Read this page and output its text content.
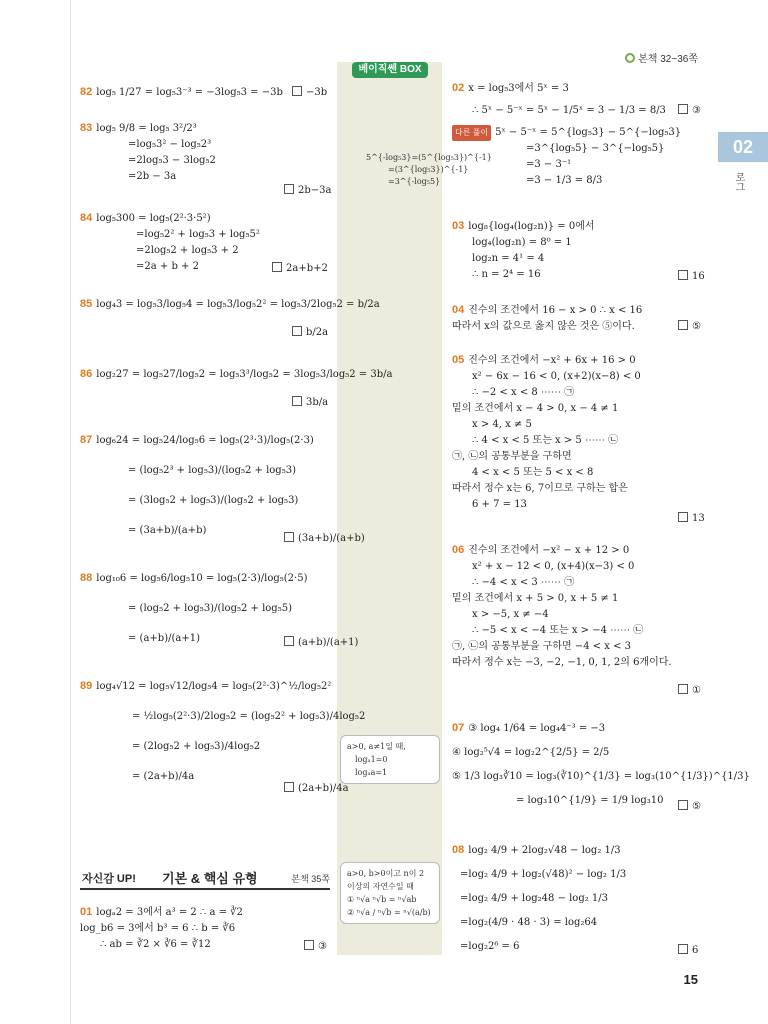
본책 32~36쪽
02
로그
베이직쎈 BOX
5^{-log₅3}=(5^{log₅3})^{-1}
=(3^{log₅3})^{-1}
=3^{-log₅5}
a>0, a≠1일 때,
logₐ1=0
logₐa=1
a>0, b>0이고 n이 2
이상의 자연수일 때
① ⁿ√a ⁿ√b = ⁿ√ab
② ⁿ√a / ⁿ√b = ⁿ√(a/b)
82 log₅ 1/27 = log₅3⁻³ = −3log₅3 = −3b	−3b
83 log₅ 9/8 = log₅ 3²/2³
=log₅3² − log₅2³
=2log₅3 − 3log₅2
=2b − 3a
2b−3a
84 log₅300 = log₅(2²·3·5²)
=log₅2² + log₅3 + log₅5²
=2log₅2 + log₅3 + 2
=2a + b + 2	2a+b+2
85 log₄3 = log₅3/log₅4 = log₅3/log₅2² = log₅3/2log₅2 = b/2a
b/2a
86 log₂27 = log₅27/log₅2 = log₅3³/log₅2 = 3log₅3/log₅2 = 3b/a
3b/a
87 log₆24 = log₅24/log₅6 = log₅(2³·3)/log₅(2·3)
= (log₅2³ + log₅3)/(log₅2 + log₅3)
= (3log₅2 + log₅3)/(log₅2 + log₅3)
= (3a+b)/(a+b)
(3a+b)/(a+b)
88 log₁₀6 = log₅6/log₅10 = log₅(2·3)/log₅(2·5)
= (log₅2 + log₅3)/(log₅2 + log₅5)
= (a+b)/(a+1)	(a+b)/(a+1)
89 log₄√12 = log₅√12/log₅4 = log₅(2²·3)^½/log₅2²
= ½log₅(2²·3)/2log₅2 = (log₅2² + log₅3)/4log₅2
= (2log₅2 + log₅3)/4log₅2
= (2a+b)/4a
(2a+b)/4a
자신감 UP! 기본 & 핵심 유형	본책 35쪽
01 logₐ2 = 3에서 a³ = 2 ∴ a = ∛2
log_b6 = 3에서 b³ = 6 ∴ b = ∛6
∴ ab = ∛2 × ∛6 = ∛12	③
02 x = log₅3에서 5ˣ = 3
∴ 5ˣ − 5⁻ˣ = 5ˣ − 1/5ˣ = 3 − 1/3 = 8/3
다른 풀이 5ˣ − 5⁻ˣ = 5^{log₅3} − 5^{−log₅3}
=3^{log₅5} − 3^{−log₅5}
=3 − 3⁻¹
=3 − 1/3 = 8/3
③
03 log₈{log₄(log₂n)} = 0에서
log₄(log₂n) = 8⁰ = 1
log₂n = 4¹ = 4
∴ n = 2⁴ = 16	16
04 진수의 조건에서 16 − x > 0 ∴ x < 16
따라서 x의 값으로 옳지 않은 것은 ⑤이다.	⑤
05 진수의 조건에서 −x² + 6x + 16 > 0
x² − 6x − 16 < 0, (x+2)(x−8) < 0
∴ −2 < x < 8 ⋯⋯ ㉠
밑의 조건에서 x − 4 > 0, x − 4 ≠ 1
x > 4, x ≠ 5
∴ 4 < x < 5 또는 x > 5 ⋯⋯ ㉡
㉠, ㉡의 공통부분을 구하면
4 < x < 5 또는 5 < x < 8
따라서 정수 x는 6, 7이므로 구하는 합은
6 + 7 = 13
13
06 진수의 조건에서 −x² − x + 12 > 0
x² + x − 12 < 0, (x+4)(x−3) < 0
∴ −4 < x < 3 ⋯⋯ ㉠
밑의 조건에서 x + 5 > 0, x + 5 ≠ 1
x > −5, x ≠ −4
∴ −5 < x < −4 또는 x > −4 ⋯⋯ ㉡
㉠, ㉡의 공통부분을 구하면 −4 < x < 3
따라서 정수 x는 −3, −2, −1, 0, 1, 2의 6개이다.
①
07 ③ log₄ 1/64 = log₄4⁻³ = −3
④ log₂⁵√4 = log₂2^{2/5} = 2/5
⑤ 1/3 log₃∛10 = log₃(∛10)^{1/3} = log₃(10^{1/3})^{1/3}
= log₃10^{1/9} = 1/9 log₃10
⑤
08 log₂ 4/9 + 2log₂√48 − log₂ 1/3
=log₂ 4/9 + log₂(√48)² − log₂ 1/3
=log₂ 4/9 + log₂48 − log₂ 1/3
=log₂(4/9 · 48 · 3) = log₂64
=log₂2⁶ = 6	6
15
